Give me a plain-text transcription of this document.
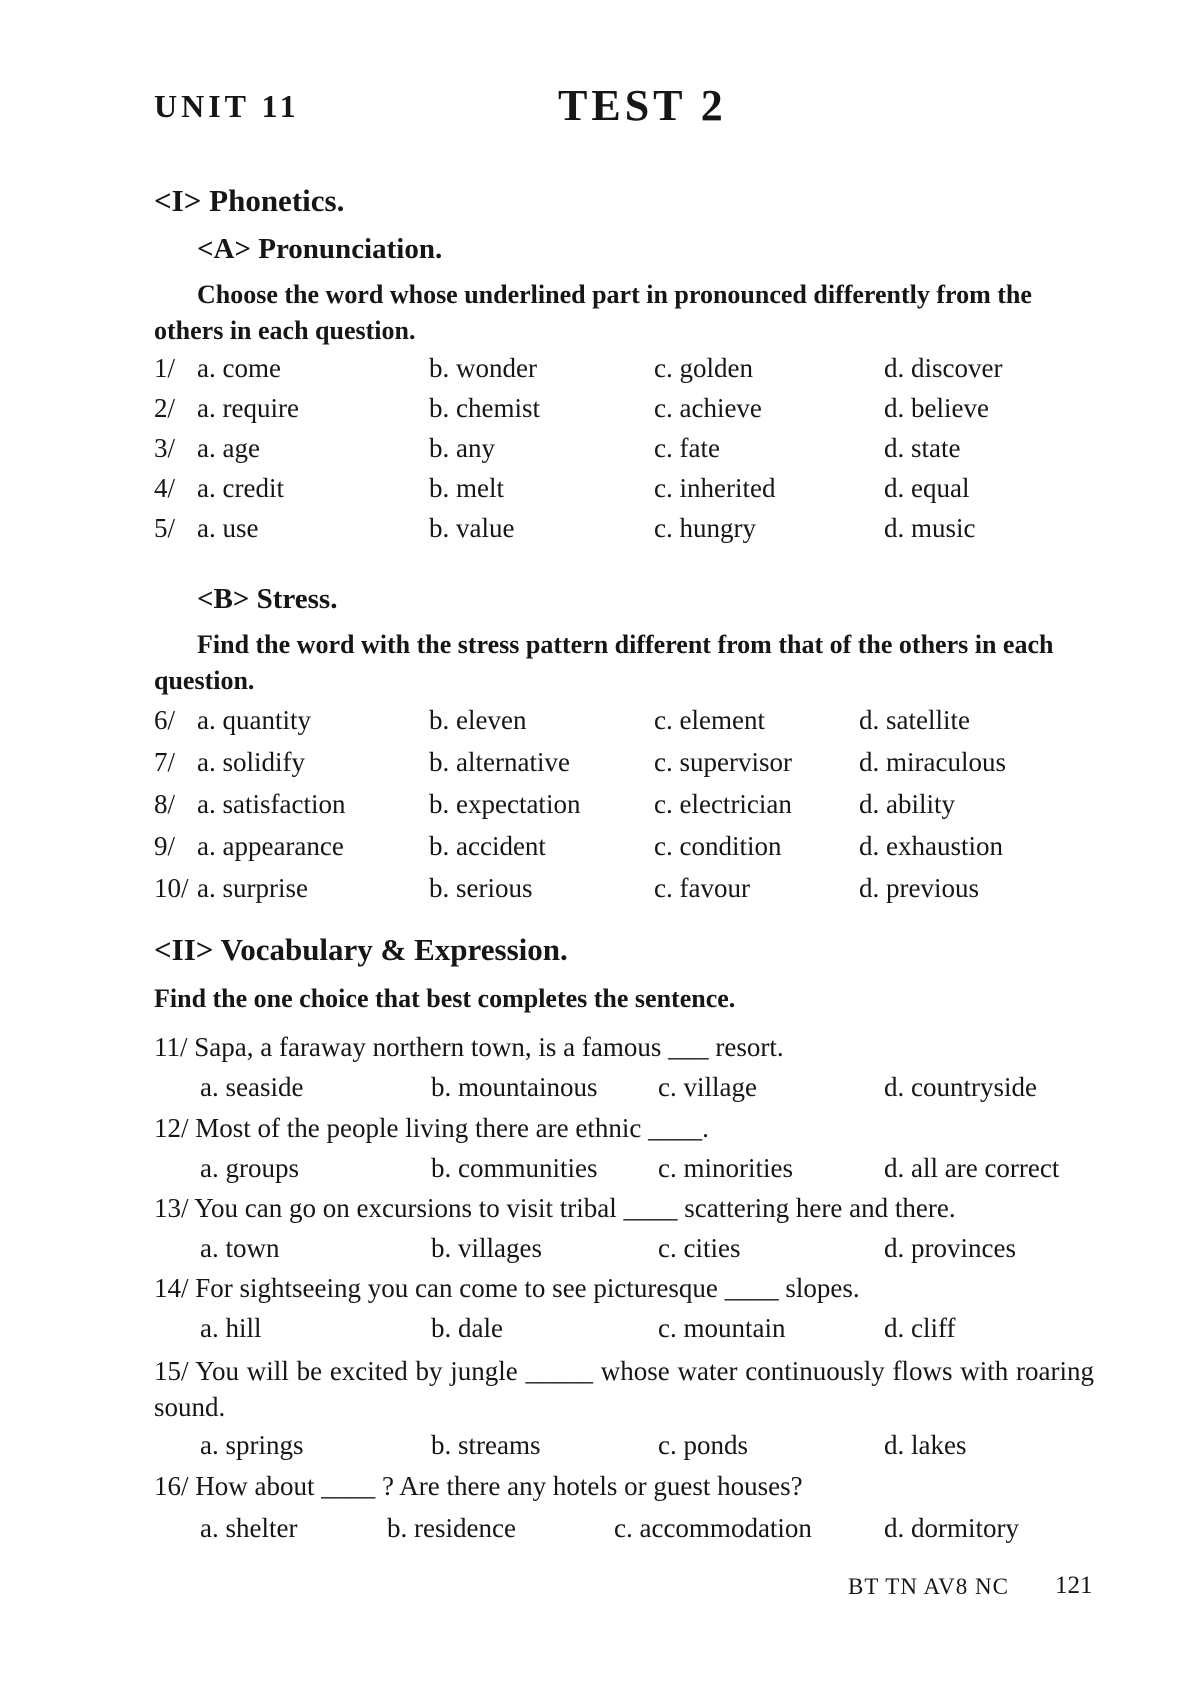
UNIT 11	TEST 2
<I> Phonetics.
<A> Pronunciation.
Choose the word whose underlined part in pronounced differently from the others in each question.
1/ a. come	b. wonder	c. golden	d. discover
2/ a. require	b. chemist	c. achieve	d. believe
3/ a. age	b. any	c. fate	d. state
4/ a. credit	b. melt	c. inherited	d. equal
5/ a. use	b. value	c. hungry	d. music
<B> Stress.
Find the word with the stress pattern different from that of the others in each question.
6/ a. quantity	b. eleven	c. element	d. satellite
7/ a. solidify	b. alternative	c. supervisor d. miraculous
8/ a. satisfaction	b. expectation	c. electrician d. ability
9/ a. appearance	b. accident	c. condition	d. exhaustion
10/ a. surprise	b. serious	c. favour	d. previous
<II> Vocabulary & Expression.
Find the one choice that best completes the sentence.
11/ Sapa, a faraway northern town, is a famous ___ resort.
a. seaside	b. mountainous c. village	d. countryside
12/ Most of the people living there are ethnic ____.
a. groups	b. communities c. minorities	d. all are correct
13/ You can go on excursions to visit tribal ____ scattering here and there.
a. town	b. villages	c. cities	d. provinces
14/ For sightseeing you can come to see picturesque ____ slopes.
a. hill	b. dale	c. mountain	d. cliff
15/ You will be excited by jungle _____ whose water continuously flows with roaring sound.
a. springs	b. streams	c. ponds	d. lakes
16/ How about ____ ? Are there any hotels or guest houses?
a. shelter	b. residence	c. accommodation	d. dormitory
BT TN AV8 NC 121
